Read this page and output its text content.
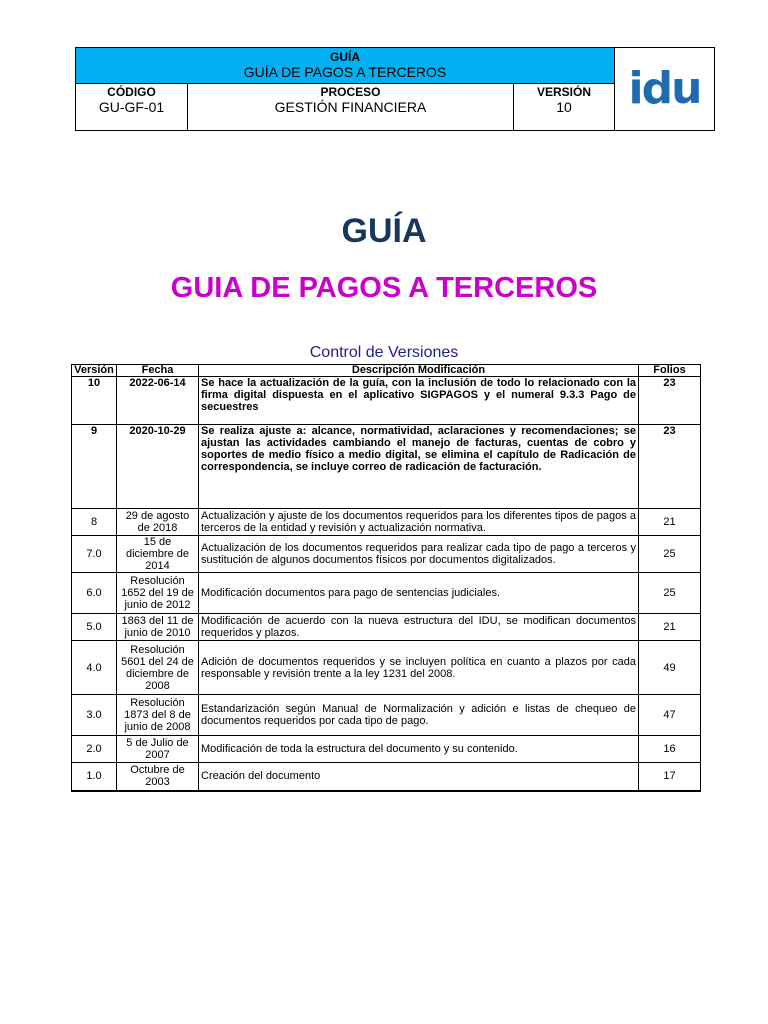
GUÍA
GUÍA DE PAGOS A TERCEROS
CÓDIGO
GU-GF-01
PROCESO
GESTIÓN FINANCIERA
VERSIÓN
10	idu
GUÍA
GUIA DE PAGOS A TERCEROS
Control de Versiones
Versión	Fecha	Descripción Modificación	Folios
10	2022-06-14	Se hace la actualización de la guía, con la inclusión de todo lo relacionado con la firma digital dispuesta en el aplicativo SIGPAGOS y el numeral 9.3.3 Pago de secuestres	23
9	2020-10-29	Se realiza ajuste a: alcance, normatividad, aclaraciones y recomendaciones; se ajustan las actividades cambiando el manejo de facturas, cuentas de cobro y soportes de medio físico a medio digital, se elimina el capítulo de Radicación de correspondencia, se incluye correo de radicación de facturación.	23
8	29 de agosto de 2018	Actualización y ajuste de los documentos requeridos para los diferentes tipos de pagos a terceros de la entidad y revisión y actualización normativa.	21
7.0	15 de diciembre de 2014	Actualización de los documentos requeridos para realizar cada tipo de pago a terceros y sustitución de algunos documentos físicos por documentos digitalizados.	25
6.0	Resolución 1652 del 19 de junio de 2012	Modificación documentos para pago de sentencias judiciales.	25
5.0	1863 del 11 de junio de 2010	Modificación de acuerdo con la nueva estructura del IDU, se modifican documentos requeridos y plazos.	21
4.0	Resolución 5601 del 24 de diciembre de 2008	Adición de documentos requeridos y se incluyen política en cuanto a plazos por cada responsable y revisión trente a la ley 1231 del 2008.	49
3.0	Resolución 1873 del 8 de junio de 2008	Estandarización según Manual de Normalización y adición e listas de chequeo de documentos requeridos por cada tipo de pago.	47
2.0	5 de Julio de 2007	Modificación de toda la estructura del documento y su contenido.	16
1.0	Octubre de 2003	Creación del documento	17
